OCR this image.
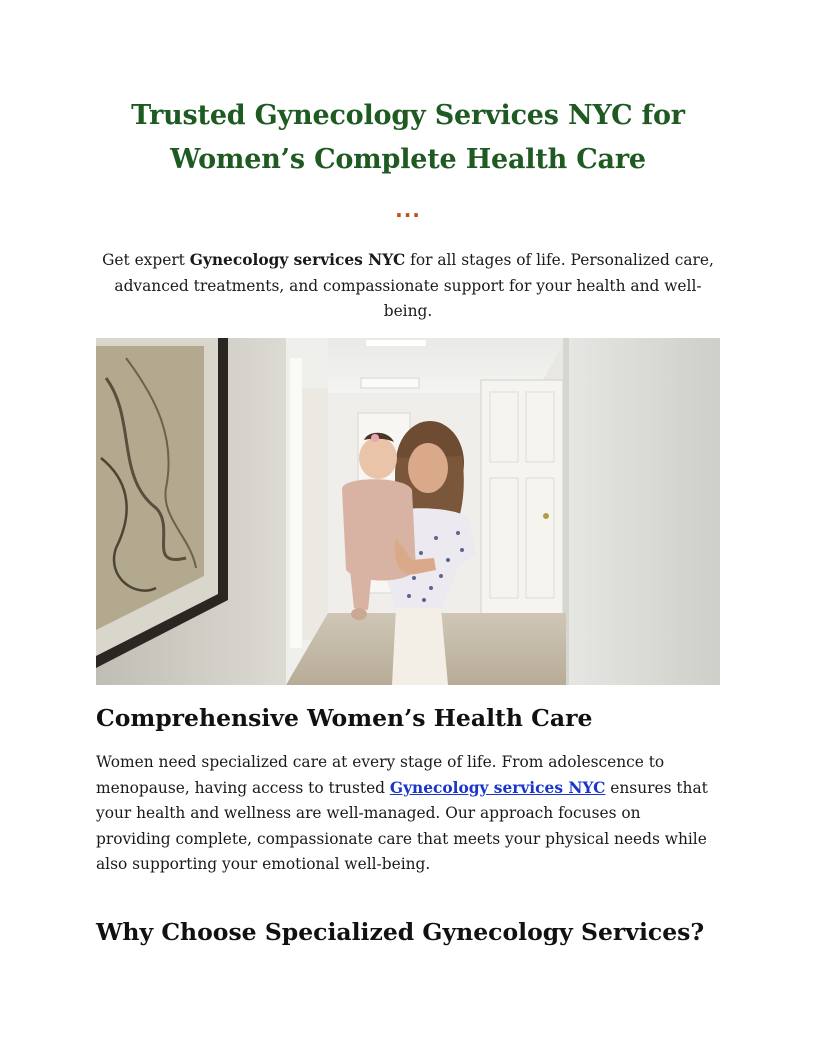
Trusted Gynecology Services NYC for
Women’s Complete Health Care
...

Get expert Gynecology services NYC for all stages of life. Personalized care,
advanced treatments, and compassionate support for your health and well-
being.

Comprehensive Women’s Health Care

Women need specialized care at every stage of life. From adolescence to
menopause, having access to trusted Gynecology services NYC ensures that
your health and wellness are well-managed. Our approach focuses on
providing complete, compassionate care that meets your physical needs while
also supporting your emotional well-being.

Why Choose Specialized Gynecology Services?
